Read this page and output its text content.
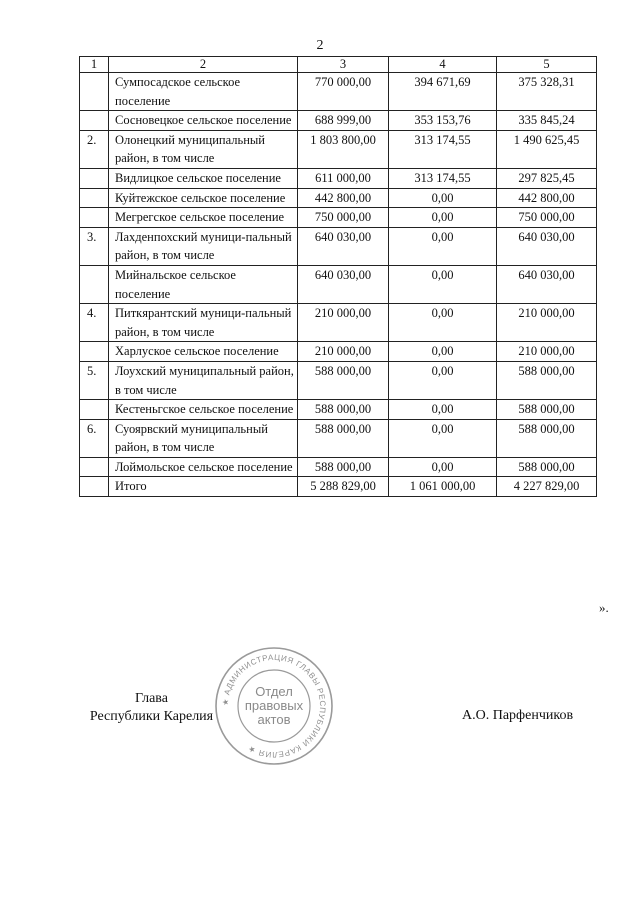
2
1	2	3	4	5
	Сумпосадское сельское поселение	770 000,00	394 671,69	375 328,31
	Сосновецкое сельское поселение	688 999,00	353 153,76	335 845,24
2.	Олонецкий муниципальный район, в том числе	1 803 800,00	313 174,55	1 490 625,45
	Видлицкое сельское поселение	611 000,00	313 174,55	297 825,45
	Куйтежское сельское поселение	442 800,00	0,00	442 800,00
	Мегрегское сельское поселение	750 000,00	0,00	750 000,00
3.	Лахденпохский муници-пальный район, в том числе	640 030,00	0,00	640 030,00
	Мийнальское сельское поселение	640 030,00	0,00	640 030,00
4.	Питкярантский муници-пальный район, в том числе	210 000,00	0,00	210 000,00
	Харлуское сельское поселение	210 000,00	0,00	210 000,00
5.	Лоухский муниципальный район, в том числе	588 000,00	0,00	588 000,00
	Кестеньгское сельское поселение	588 000,00	0,00	588 000,00
6.	Суоярвский муниципальный район, в том числе	588 000,00	0,00	588 000,00
	Лоймольское сельское поселение	588 000,00	0,00	588 000,00
	Итого	5 288 829,00	1 061 000,00	4 227 829,00
».
Глава
Республики Карелия
★ АДМИНИСТРАЦИЯ ГЛАВЫ РЕСПУБЛИКИ КАРЕЛИЯ ★
Отдел
правовых
актов	А.О. Парфенчиков
